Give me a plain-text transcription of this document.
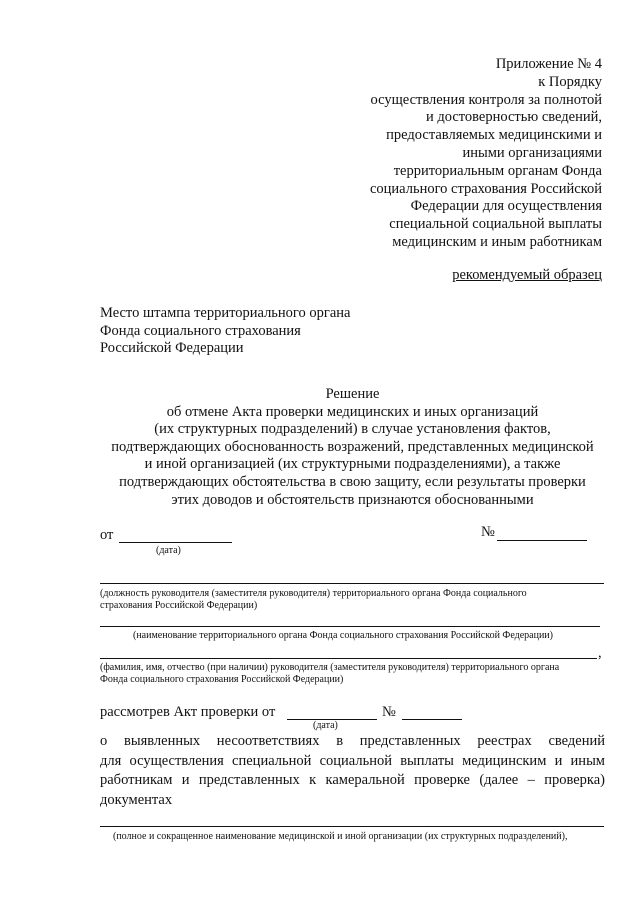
Приложение № 4
к Порядку
осуществления контроля за полнотой
и достоверностью сведений,
предоставляемых медицинскими и
иными организациями
территориальным органам Фонда
социального страхования Российской
Федерации для осуществления
специальной социальной выплаты
медицинским и иным работникам
рекомендуемый образец
Место штампа территориального органа
Фонда социального страхования
Российской Федерации
Решение
об отмене Акта проверки медицинских и иных организаций
(их структурных подразделений) в случае установления фактов,
подтверждающих обоснованность возражений, представленных медицинской
и иной организацией (их структурными подразделениями), а также
подтверждающих обстоятельства в свою защиту, если результаты проверки
этих доводов и обстоятельств признаются обоснованными
от
(дата)
№
(должность руководителя (заместителя руководителя) территориального органа Фонда социального
страхования Российской Федерации)
(наименование территориального органа Фонда социального страхования Российской Федерации)
,
(фамилия, имя, отчество (при наличии) руководителя (заместителя руководителя) территориального органа
Фонда социального страхования Российской Федерации)
рассмотрев Акт проверки от
(дата)
№
о выявленных несоответствиях в представленных реестрах сведений
для осуществления специальной социальной выплаты медицинским и иным
работникам и представленных к камеральной проверке (далее – проверка)
документах
(полное и сокращенное наименование медицинской и иной организации (их структурных подразделений),
